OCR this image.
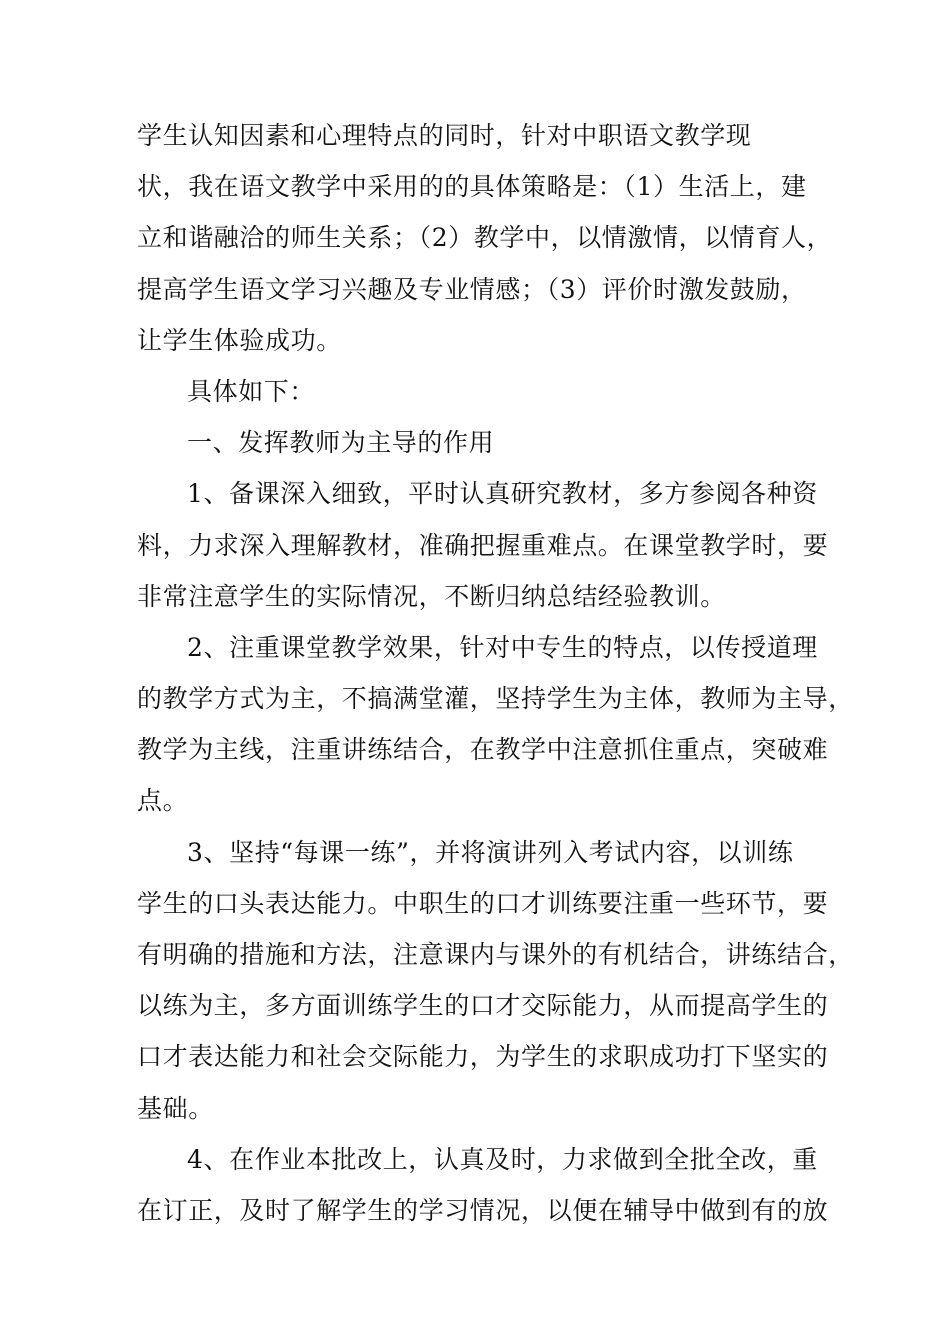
学生认知因素和心理特点的同时，针对中职语文教学现
状，我在语文教学中采用的的具体策略是：（1）生活上，建
立和谐融洽的师生关系；（2）教学中，以情激情，以情育人，
提高学生语文学习兴趣及专业情感；（3）评价时激发鼓励，
让学生体验成功。
具体如下：
一、发挥教师为主导的作用
1、备课深入细致，平时认真研究教材，多方参阅各种资
料，力求深入理解教材，准确把握重难点。在课堂教学时，要
非常注意学生的实际情况，不断归纳总结经验教训。
2、注重课堂教学效果，针对中专生的特点，以传授道理
的教学方式为主，不搞满堂灌，坚持学生为主体，教师为主导，
教学为主线，注重讲练结合，在教学中注意抓住重点，突破难
点。
3、坚持“每课一练”，并将演讲列入考试内容，以训练
学生的口头表达能力。中职生的口才训练要注重一些环节，要
有明确的措施和方法，注意课内与课外的有机结合，讲练结合，
以练为主，多方面训练学生的口才交际能力，从而提高学生的
口才表达能力和社会交际能力，为学生的求职成功打下坚实的
基础。
4、在作业本批改上，认真及时，力求做到全批全改，重
在订正，及时了解学生的学习情况，以便在辅导中做到有的放
